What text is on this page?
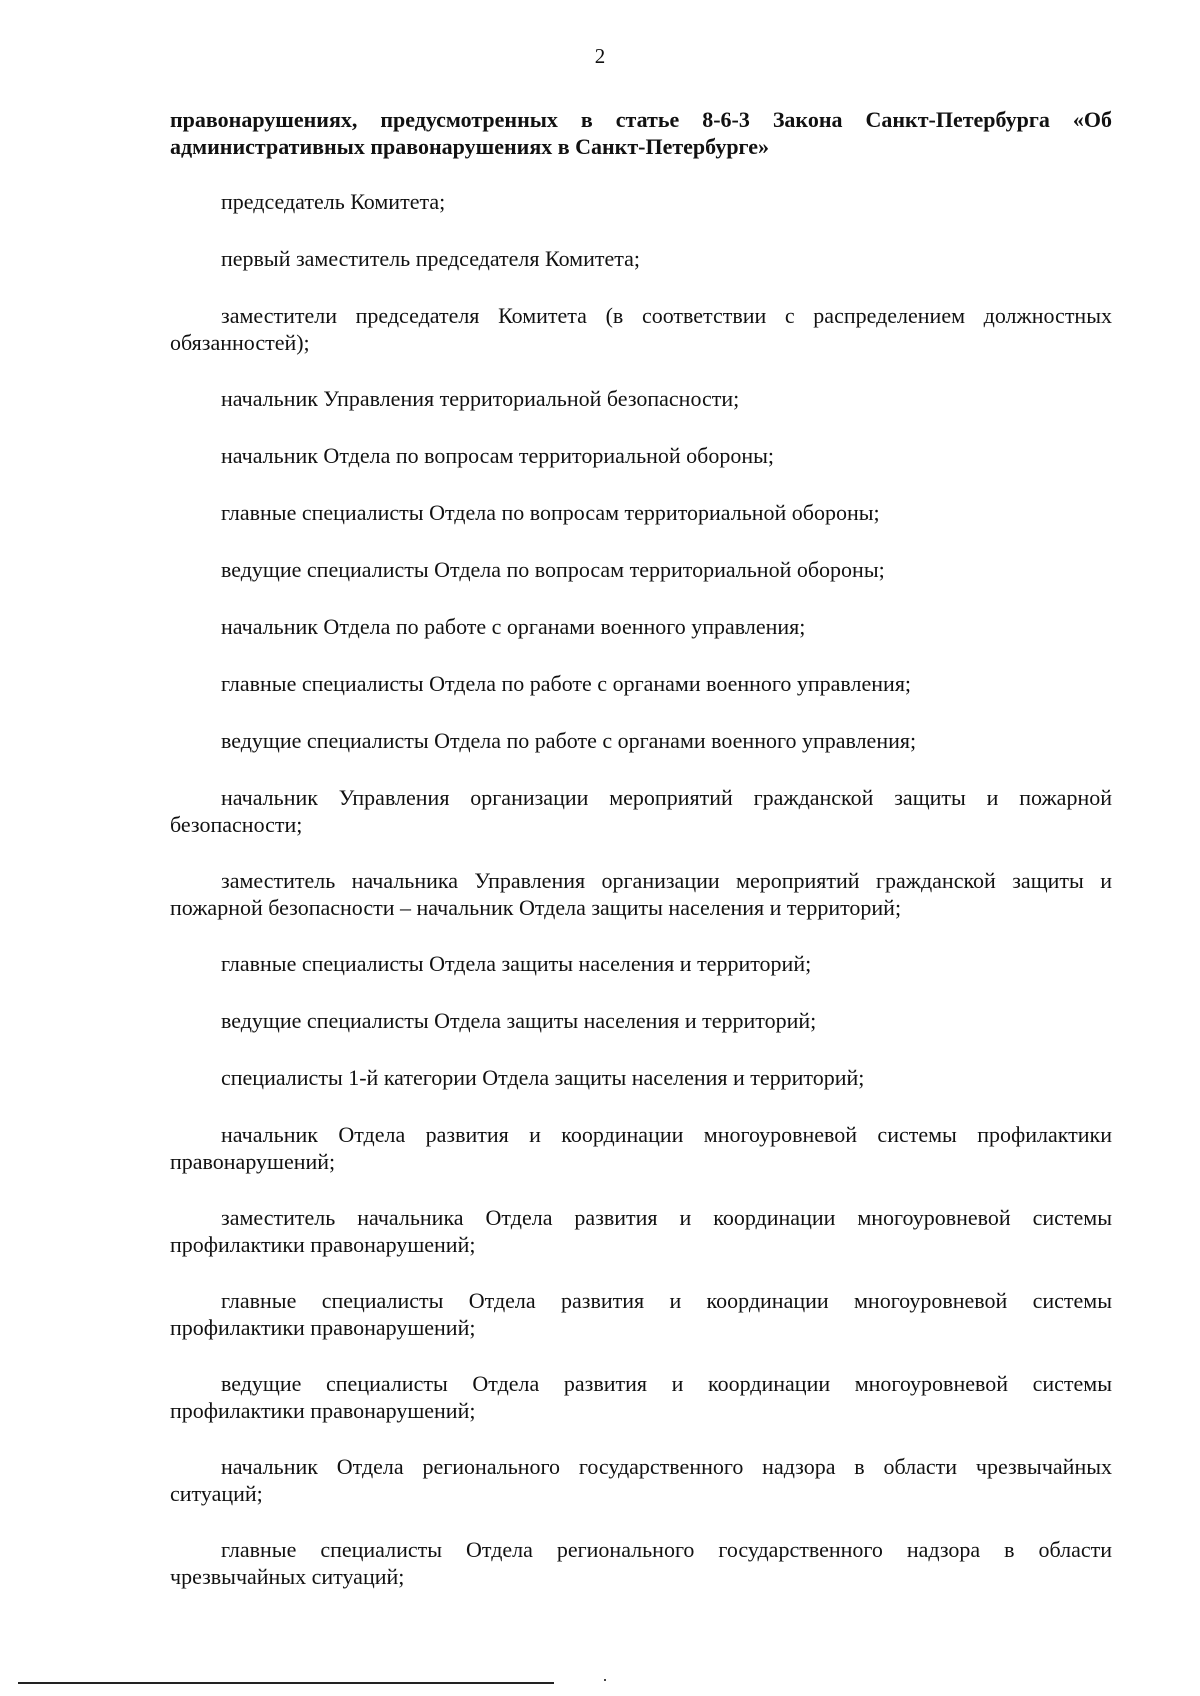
2

правонарушениях, предусмотренных в статье 8-6-3 Закона Санкт-Петербурга «Об административных правонарушениях в Санкт-Петербурге»

председатель Комитета;

первый заместитель председателя Комитета;

заместители председателя Комитета (в соответствии с распределением должностных обязанностей);

начальник Управления территориальной безопасности;

начальник Отдела по вопросам территориальной обороны;

главные специалисты Отдела по вопросам территориальной обороны;

ведущие специалисты Отдела по вопросам территориальной обороны;

начальник Отдела по работе с органами военного управления;

главные специалисты Отдела по работе с органами военного управления;

ведущие специалисты Отдела по работе с органами военного управления;

начальник Управления организации мероприятий гражданской защиты и пожарной безопасности;

заместитель начальника Управления организации мероприятий гражданской защиты и пожарной безопасности – начальник Отдела защиты населения и территорий;

главные специалисты Отдела защиты населения и территорий;

ведущие специалисты Отдела защиты населения и территорий;

специалисты 1-й категории Отдела защиты населения и территорий;

начальник Отдела развития и координации многоуровневой системы профилактики правонарушений;

заместитель начальника Отдела развития и координации многоуровневой системы профилактики правонарушений;

главные специалисты Отдела развития и координации многоуровневой системы профилактики правонарушений;

ведущие специалисты Отдела развития и координации многоуровневой системы профилактики правонарушений;

начальник Отдела регионального государственного надзора в области чрезвычайных ситуаций;

главные специалисты Отдела регионального государственного надзора в области чрезвычайных ситуаций;
